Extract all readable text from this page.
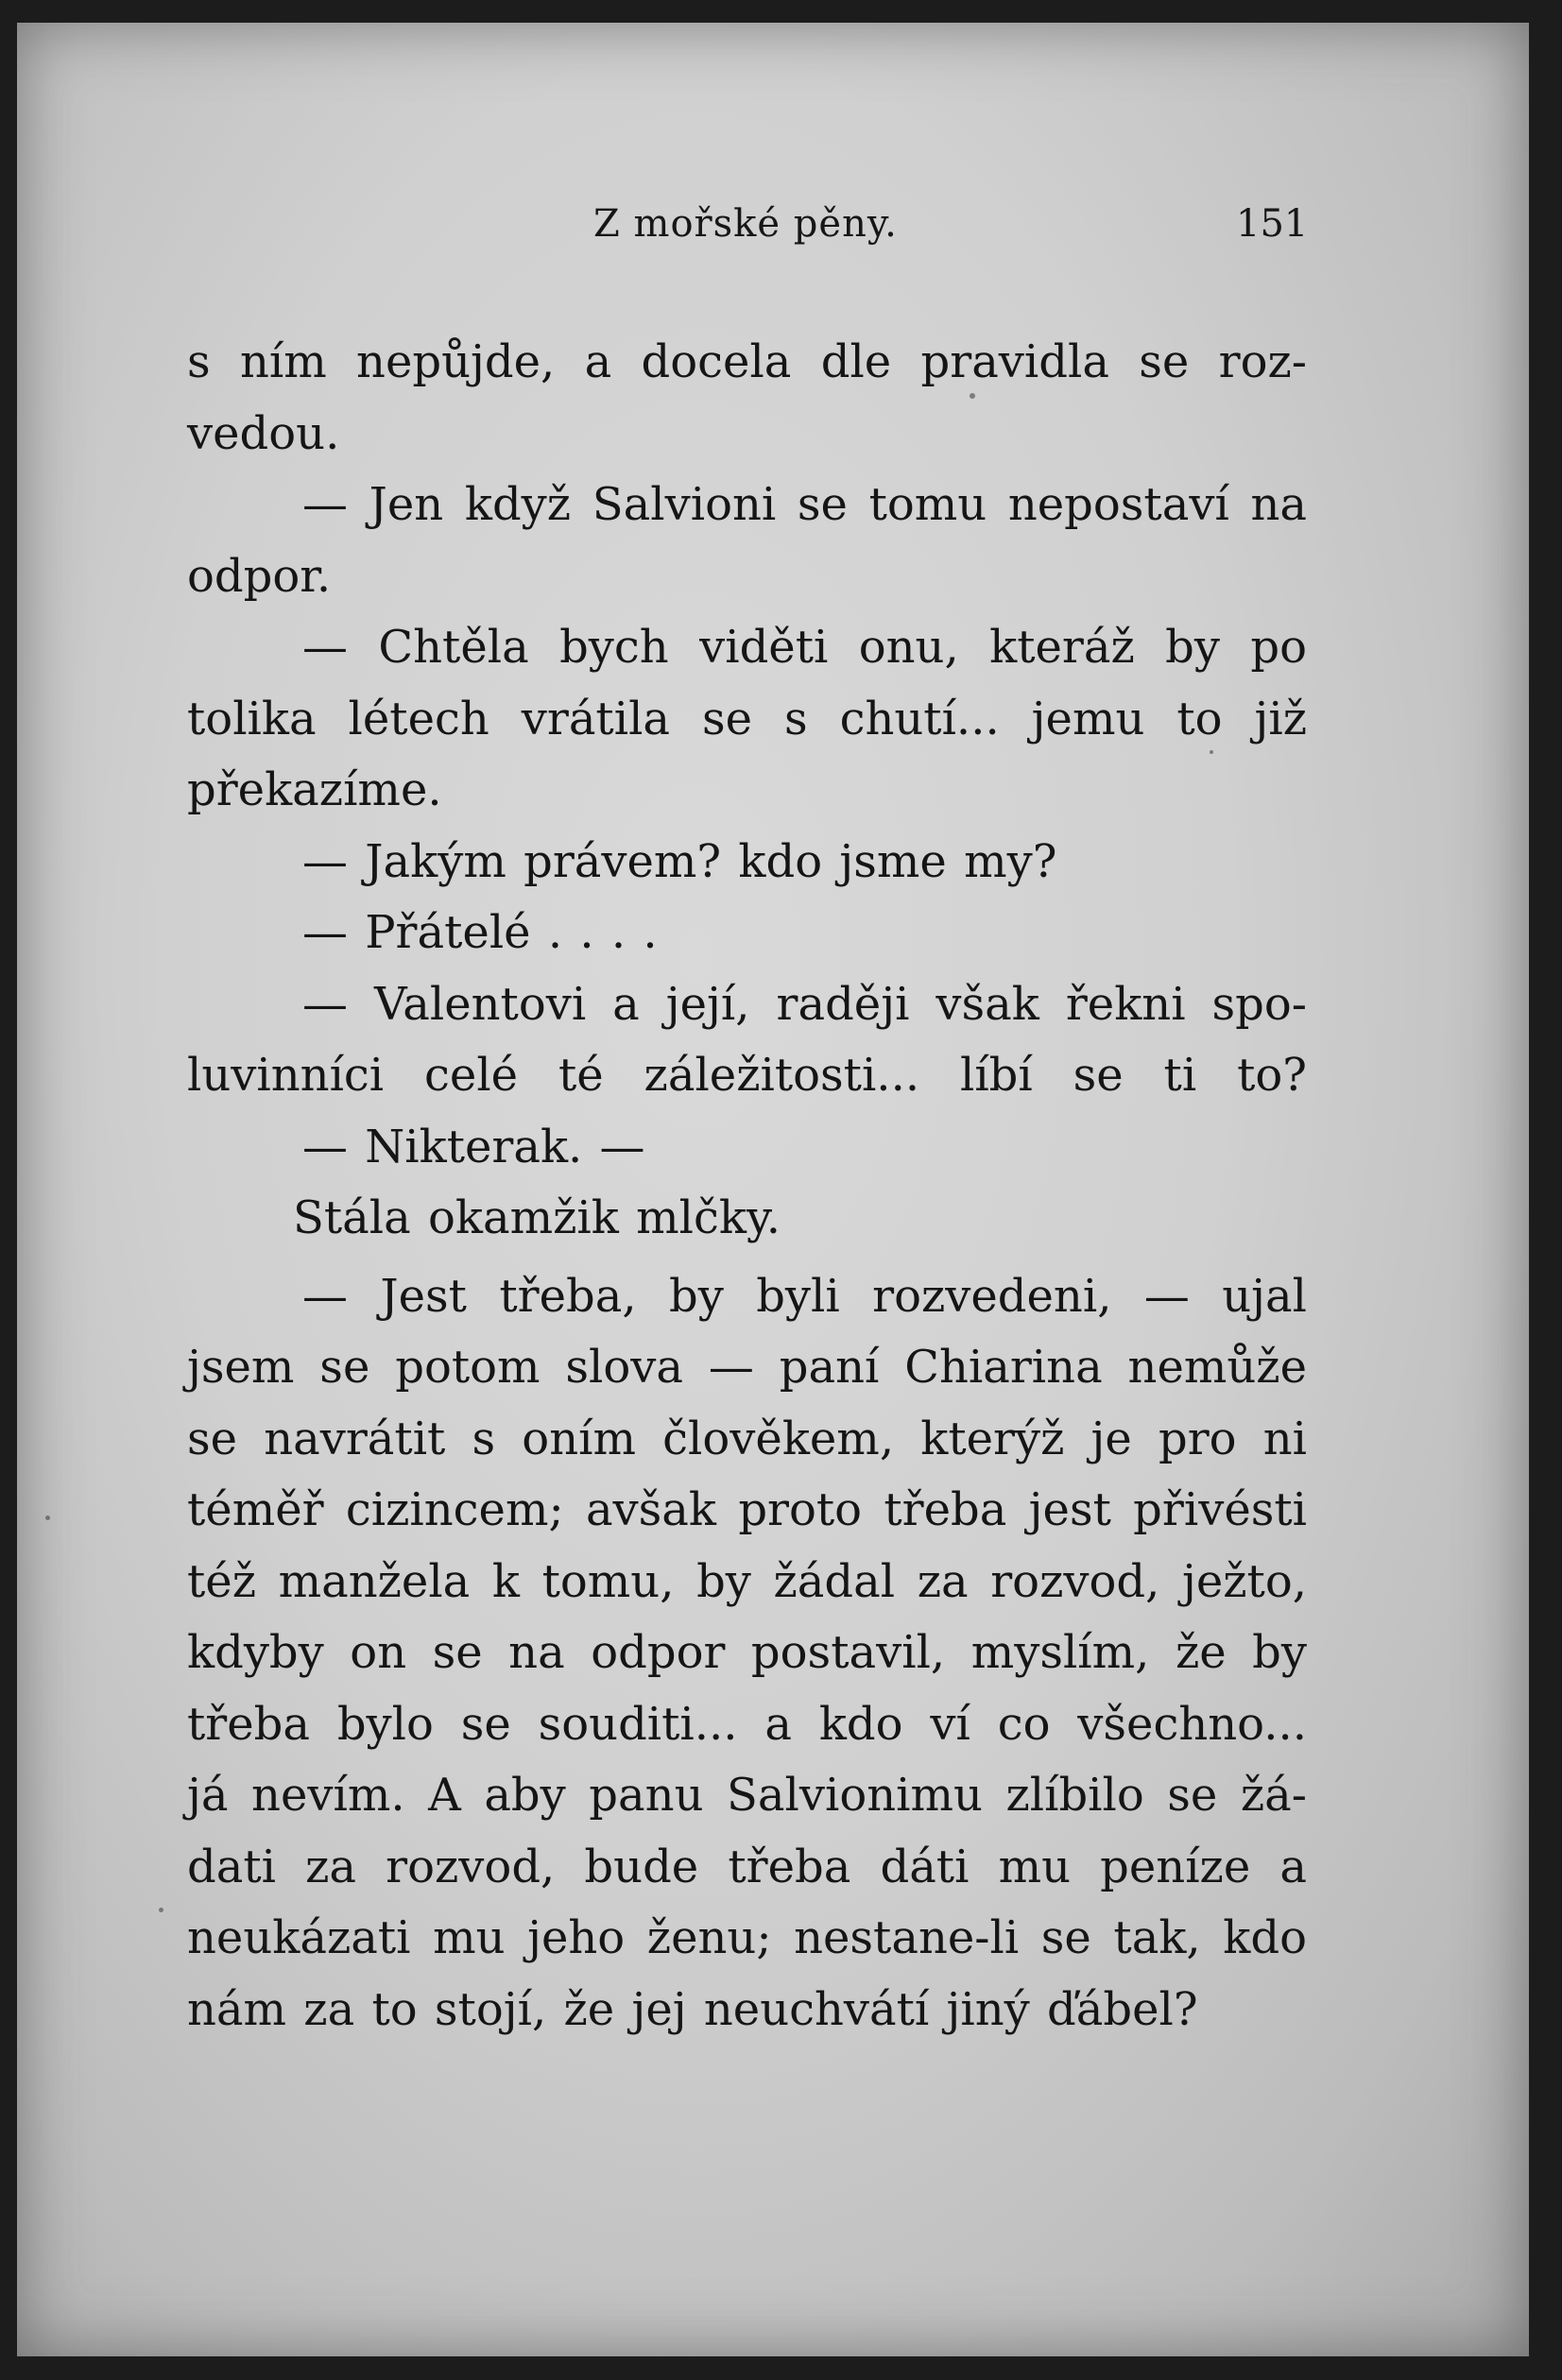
Z mořské pěny.	151
s ním nepůjde, a docela dle pravidla se roz-
vedou.
— Jen když Salvioni se tomu nepostaví na
odpor.
— Chtěla bych viděti onu, kteráž by po
tolika létech vrátila se s chutí... jemu to již
překazíme.
— Jakým právem? kdo jsme my?
— Přátelé . . . .
— Valentovi a její, raději však řekni spo-
luvinníci celé té záležitosti... líbí se ti to?
— Nikterak. —
Stála okamžik mlčky.
— Jest třeba, by byli rozvedeni, — ujal
jsem se potom slova — paní Chiarina nemůže
se navrátit s oním člověkem, kterýž je pro ni
téměř cizincem; avšak proto třeba jest přivésti
též manžela k tomu, by žádal za rozvod, ježto,
kdyby on se na odpor postavil, myslím, že by
třeba bylo se souditi... a kdo ví co všechno...
já nevím. A aby panu Salvionimu zlíbilo se žá-
dati za rozvod, bude třeba dáti mu peníze a
neukázati mu jeho ženu; nestane-li se tak, kdo
nám za to stojí, že jej neuchvátí jiný ďábel?
